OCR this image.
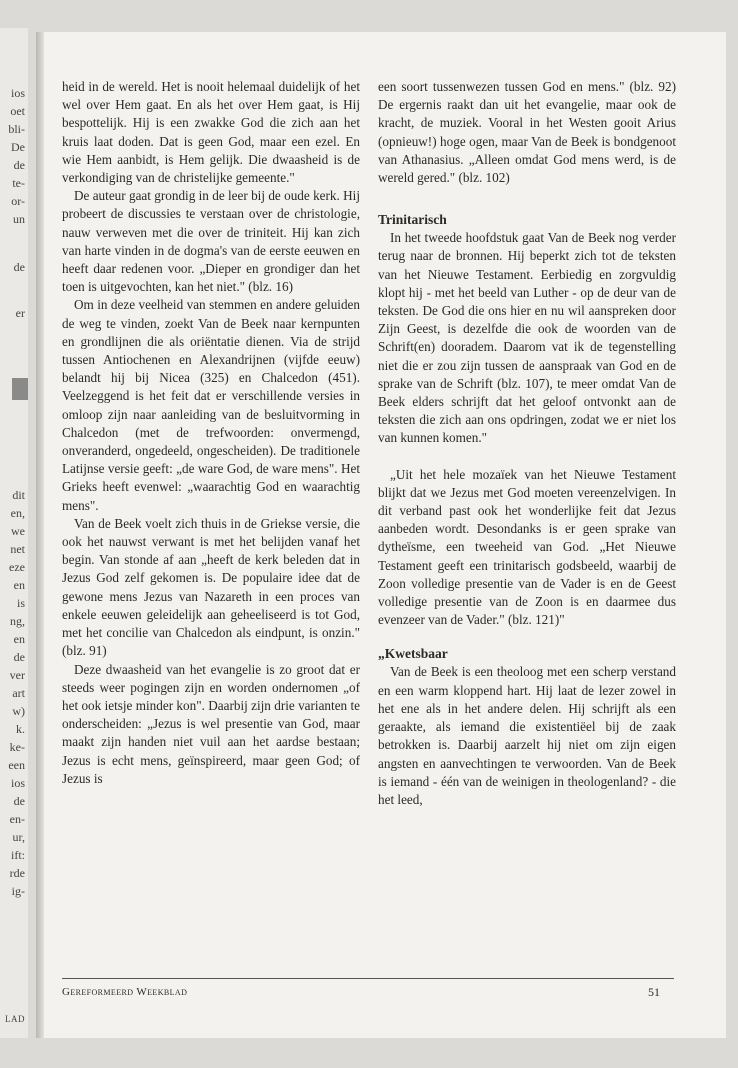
ios
oet
bli-
De
de
te-
or-
un
de
er
dit
en,
we
net
eze
en
is
ng,
en
de
ver
art
w)
k.
ke-
een
ios
de
en-
ur,
ift:
rde
ig-
LAD

heid in de wereld. Het is nooit helemaal duidelijk of het wel over Hem gaat. En als het over Hem gaat, is Hij bespottelijk. Hij is een zwakke God die zich aan het kruis laat doden. Dat is geen God, maar een ezel. En wie Hem aanbidt, is Hem gelijk. Die dwaasheid is de verkondiging van de christelijke gemeente."

De auteur gaat grondig in de leer bij de oude kerk. Hij probeert de discussies te verstaan over de christologie, nauw verweven met die over de triniteit. Hij kan zich van harte vinden in de dogma's van de eerste eeuwen en heeft daar redenen voor. „Dieper en grondiger dan het toen is uitgevochten, kan het niet." (blz. 16)

Om in deze veelheid van stemmen en andere geluiden de weg te vinden, zoekt Van de Beek naar kernpunten en grondlijnen die als oriëntatie dienen. Via de strijd tussen Antiochenen en Alexandrijnen (vijfde eeuw) belandt hij bij Nicea (325) en Chalcedon (451). Veelzeggend is het feit dat er verschillende versies in omloop zijn naar aanleiding van de besluitvorming in Chalcedon (met de trefwoorden: onvermengd, onveranderd, ongedeeld, ongescheiden). De traditionele Latijnse versie geeft: „de ware God, de ware mens". Het Grieks heeft evenwel: „waarachtig God en waarachtig mens".

Van de Beek voelt zich thuis in de Griekse versie, die ook het nauwst verwant is met het belijden vanaf het begin. Van stonde af aan „heeft de kerk beleden dat in Jezus God zelf gekomen is. De populaire idee dat de gewone mens Jezus van Nazareth in een proces van enkele eeuwen geleidelijk aan geheeliseerd is tot God, met het concilie van Chalcedon als eindpunt, is onzin." (blz. 91)

Deze dwaasheid van het evangelie is zo groot dat er steeds weer pogingen zijn en worden ondernomen „of het ook ietsje minder kon". Daarbij zijn drie varianten te onderscheiden: „Jezus is wel presentie van God, maar maakt zijn handen niet vuil aan het aardse bestaan; Jezus is echt mens, geïnspireerd, maar geen God; of Jezus is

een soort tussenwezen tussen God en mens." (blz. 92) De ergernis raakt dan uit het evangelie, maar ook de kracht, de muziek. Vooral in het Westen gooit Arius (opnieuw!) hoge ogen, maar Van de Beek is bondgenoot van Athanasius. „Alleen omdat God mens werd, is de wereld gered." (blz. 102)

Trinitarisch

In het tweede hoofdstuk gaat Van de Beek nog verder terug naar de bronnen. Hij beperkt zich tot de teksten van het Nieuwe Testament. Eerbiedig en zorgvuldig klopt hij - met het beeld van Luther - op de deur van de teksten. De God die ons hier en nu wil aanspreken door Zijn Geest, is dezelfde die ook de woorden van de Schrift(en) dooradem. Daarom vat ik de tegenstelling niet die er zou zijn tussen de aanspraak van God en de sprake van de Schrift (blz. 107), te meer omdat Van de Beek elders schrijft dat het geloof ontvonkt aan de teksten die zich aan ons opdringen, zodat we er niet los van kunnen komen."

„Uit het hele mozaïek van het Nieuwe Testament blijkt dat we Jezus met God moeten vereenzelvigen. In dit verband past ook het wonderlijke feit dat Jezus aanbeden wordt. Desondanks is er geen sprake van dytheïsme, een tweeheid van God. „Het Nieuwe Testament geeft een trinitarisch godsbeeld, waarbij de Zoon volledige presentie van de Vader is en de Geest volledige presentie van de Zoon is en daarmee dus evenzeer van de Vader." (blz. 121)"

„Kwetsbaar

Van de Beek is een theoloog met een scherp verstand en een warm kloppend hart. Hij laat de lezer zowel in het ene als in het andere delen. Hij schrijft als een geraakte, als iemand die existentiëel bij de zaak betrokken is. Daarbij aarzelt hij niet om zijn eigen angsten en aanvechtingen te verwoorden. Van de Beek is iemand - één van de weinigen in theologenland? - die het leed,

Gereformeerd Weekblad	51
